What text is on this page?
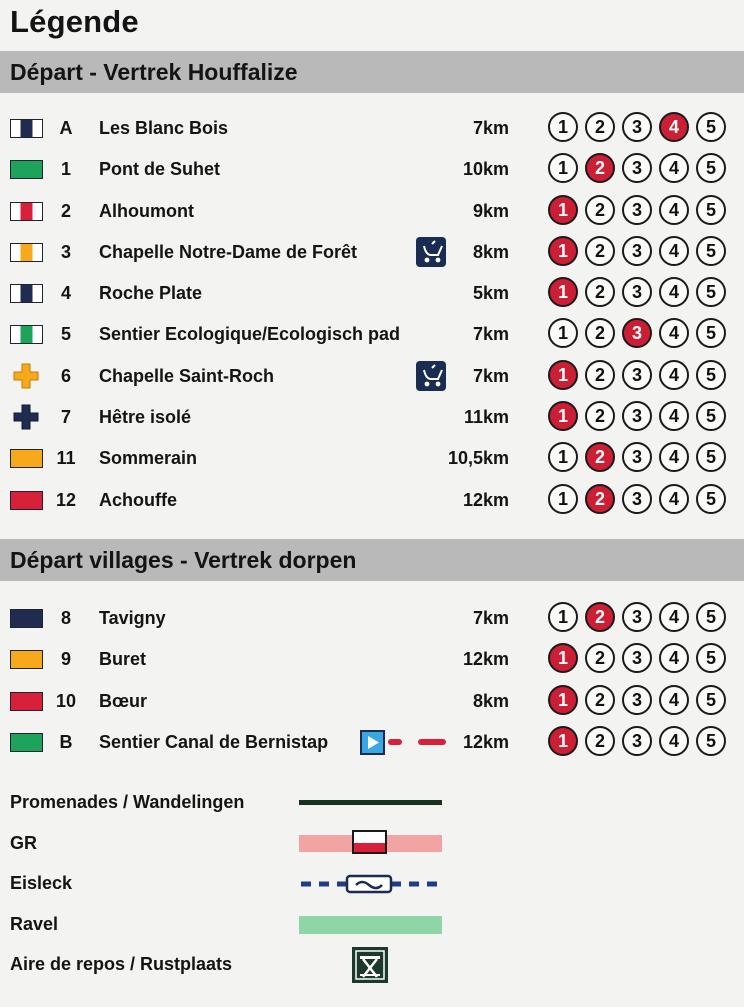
Légende
Départ - Vertrek Houffalize
A	Les Blanc Bois	7km	1	2	3	4	5
1	Pont de Suhet	10km	1	2	3	4	5
2	Alhoumont	9km	1	2	3	4	5
3	Chapelle Notre-Dame de Forêt	8km	1	2	3	4	5
4	Roche Plate	5km	1	2	3	4	5
5	Sentier Ecologique/Ecologisch pad	7km	1	2	3	4	5
6	Chapelle Saint-Roch	7km	1	2	3	4	5
7	Hêtre isolé	11km	1	2	3	4	5
11	Sommerain	10,5km	1	2	3	4	5
12	Achouffe	12km	1	2	3	4	5
Départ villages - Vertrek dorpen
8	Tavigny	7km	1	2	3	4	5
9	Buret	12km	1	2	3	4	5
10	Bœur	8km	1	2	3	4	5
B	Sentier Canal de Bernistap	12km	1	2	3	4	5
Promenades / Wandelingen
GR
Eisleck
Ravel
Aire de repos / Rustplaats
